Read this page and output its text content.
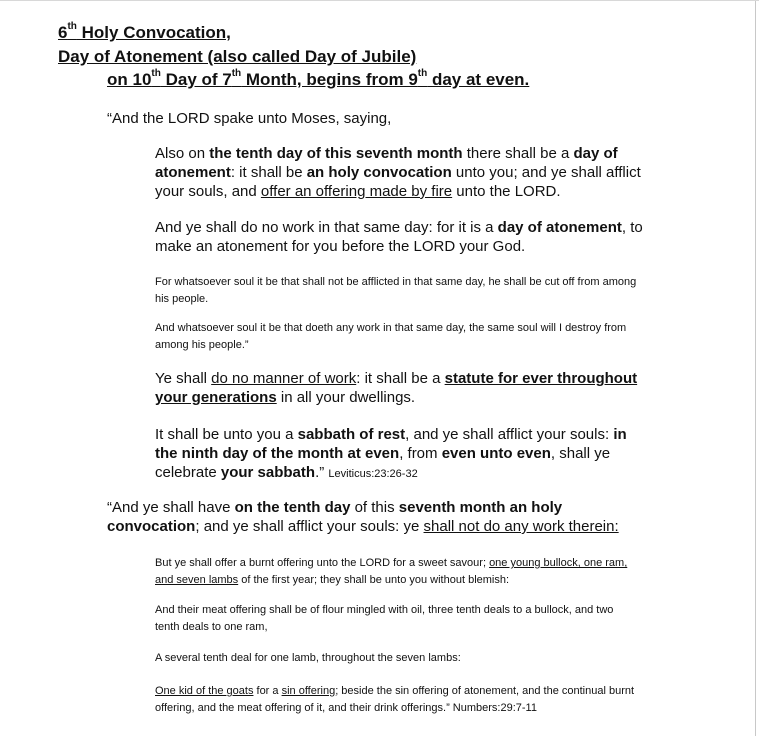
6th Holy Convocation,
Day of Atonement (also called Day of Jubile)
on 10th Day of 7th Month, begins from 9th day at even.
“And the LORD spake unto Moses, saying,
Also on the tenth day of this seventh month there shall be a day of
atonement: it shall be an holy convocation unto you; and ye shall afflict
your souls, and offer an offering made by fire unto the LORD.
And ye shall do no work in that same day: for it is a day of atonement, to
make an atonement for you before the LORD your God.
For whatsoever soul it be that shall not be afflicted in that same day, he shall be cut off from among
his people.
And whatsoever soul it be that doeth any work in that same day, the same soul will I destroy from
among his people.”
Ye shall do no manner of work: it shall be a statute for ever throughout
your generations in all your dwellings.
It shall be unto you a sabbath of rest, and ye shall afflict your souls: in
the ninth day of the month at even, from even unto even, shall ye
celebrate your sabbath.” Leviticus:23:26-32
“And ye shall have on the tenth day of this seventh month an holy
convocation; and ye shall afflict your souls: ye shall not do any work therein:
But ye shall offer a burnt offering unto the LORD for a sweet savour; one young bullock, one ram,
and seven lambs of the first year; they shall be unto you without blemish:
And their meat offering shall be of flour mingled with oil, three tenth deals to a bullock, and two
tenth deals to one ram,
A several tenth deal for one lamb, throughout the seven lambs:
One kid of the goats for a sin offering; beside the sin offering of atonement, and the continual burnt
offering, and the meat offering of it, and their drink offerings.” Numbers:29:7-11
